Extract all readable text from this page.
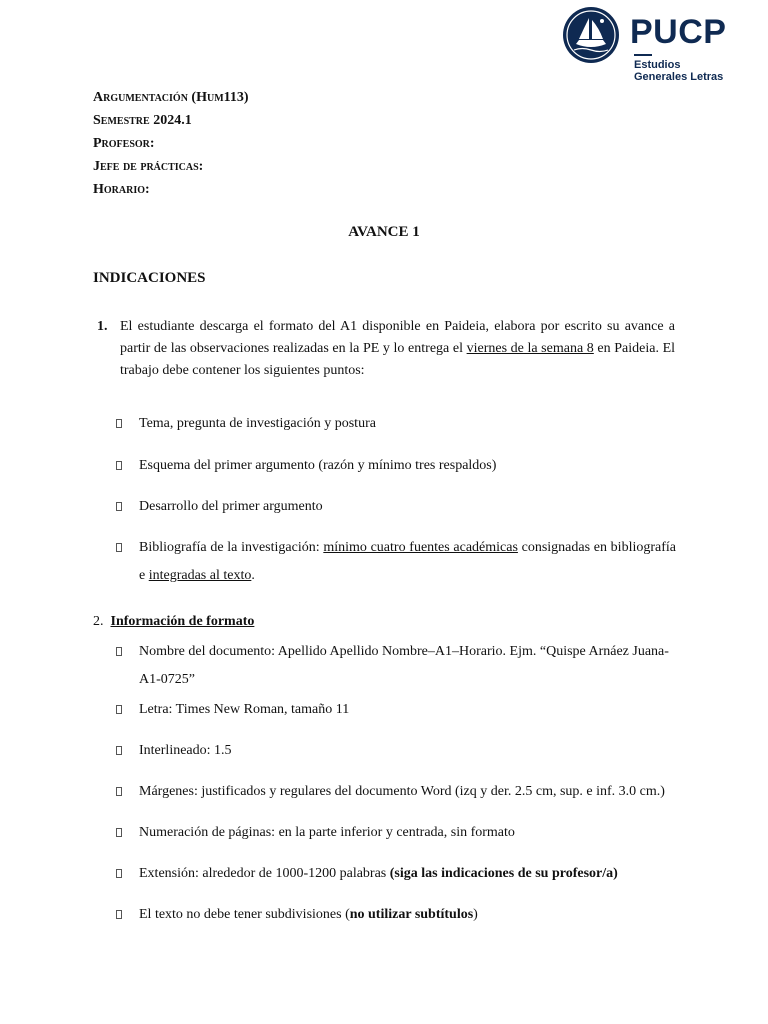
PUCP

Estudios
Generales Letras

Argumentación (Hum113)

Semestre 2024.1

Profesor:

Jefe de prácticas:

Horario:

AVANCE 1

INDICACIONES

1. El estudiante descarga el formato del A1 disponible en Paideia, elabora por escrito su avance a partir de las observaciones realizadas en la PE y lo entrega el viernes de la semana 8 en Paideia. El trabajo debe contener los siguientes puntos:
Tema, pregunta de investigación y postura
Esquema del primer argumento (razón y mínimo tres respaldos)
Desarrollo del primer argumento
Bibliografía de la investigación: mínimo cuatro fuentes académicas consignadas en bibliografía e integradas al texto.

2. Información de formato

Nombre del documento: Apellido Apellido Nombre–A1–Horario. Ejm. “Quispe Arnáez Juana-A1-0725”
Letra: Times New Roman, tamaño 11
Interlineado: 1.5
Márgenes: justificados y regulares del documento Word (izq y der. 2.5 cm, sup. e inf. 3.0 cm.)
Numeración de páginas: en la parte inferior y centrada, sin formato
Extensión: alrededor de 1000-1200 palabras (siga las indicaciones de su profesor/a)
El texto no debe tener subdivisiones (no utilizar subtítulos)
